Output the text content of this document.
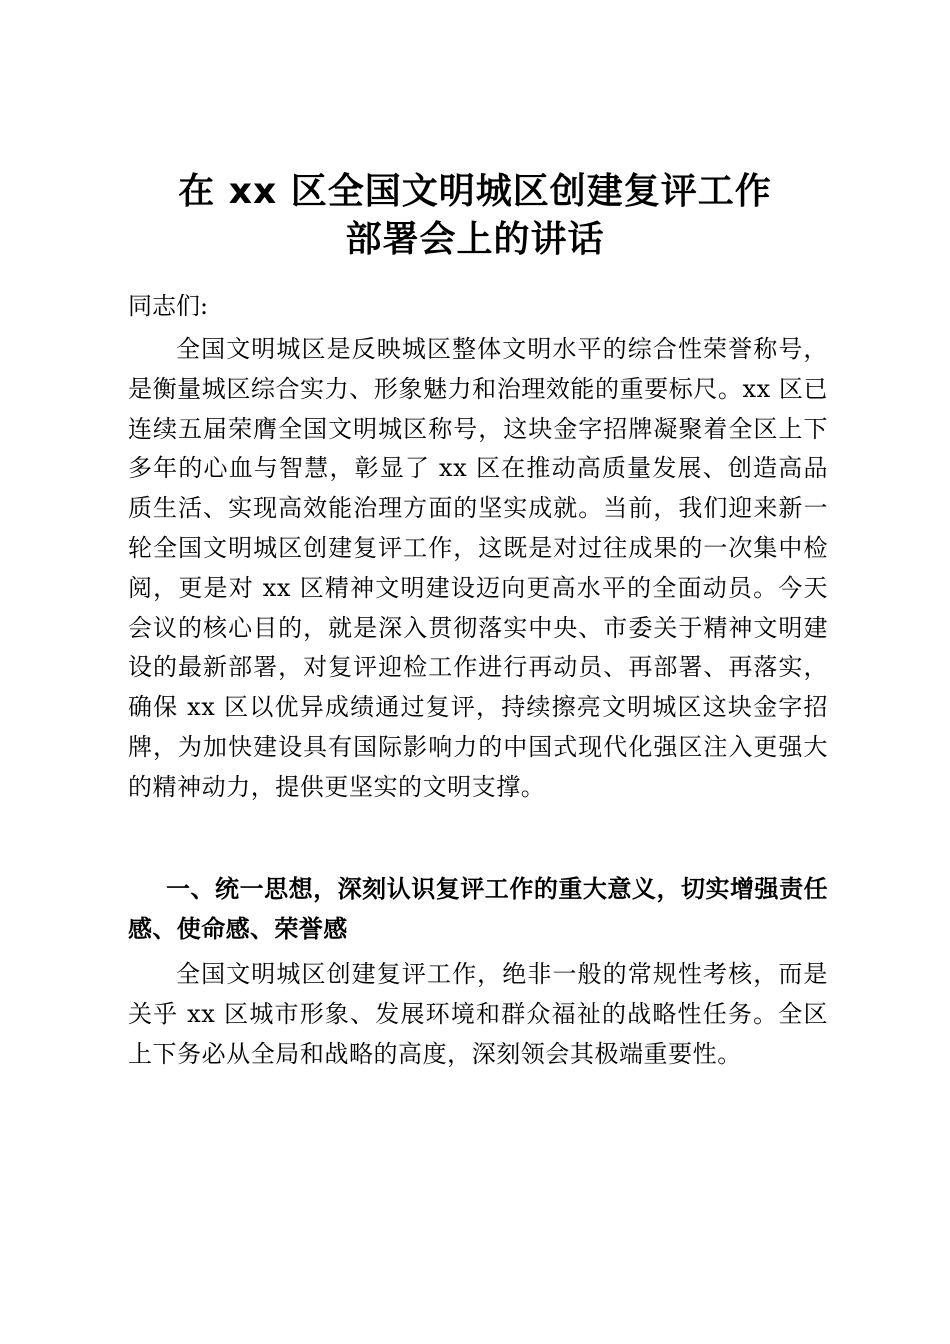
在 xx 区全国文明城区创建复评工作
部署会上的讲话
同志们:

全国文明城区是反映城区整体文明水平的综合性荣誉称号，是衡量城区综合实力、形象魅力和治理效能的重要标尺。xx 区已连续五届荣膺全国文明城区称号，这块金字招牌凝聚着全区上下多年的心血与智慧，彰显了 xx 区在推动高质量发展、创造高品质生活、实现高效能治理方面的坚实成就。当前，我们迎来新一轮全国文明城区创建复评工作，这既是对过往成果的一次集中检阅，更是对 xx 区精神文明建设迈向更高水平的全面动员。今天会议的核心目的，就是深入贯彻落实中央、市委关于精神文明建设的最新部署，对复评迎检工作进行再动员、再部署、再落实，确保 xx 区以优异成绩通过复评，持续擦亮文明城区这块金字招牌，为加快建设具有国际影响力的中国式现代化强区注入更强大的精神动力，提供更坚实的文明支撑。

一、统一思想，深刻认识复评工作的重大意义，切实增强责任感、使命感、荣誉感

全国文明城区创建复评工作，绝非一般的常规性考核，而是关乎 xx 区城市形象、发展环境和群众福祉的战略性任务。全区上下务必从全局和战略的高度，深刻领会其极端重要性。
